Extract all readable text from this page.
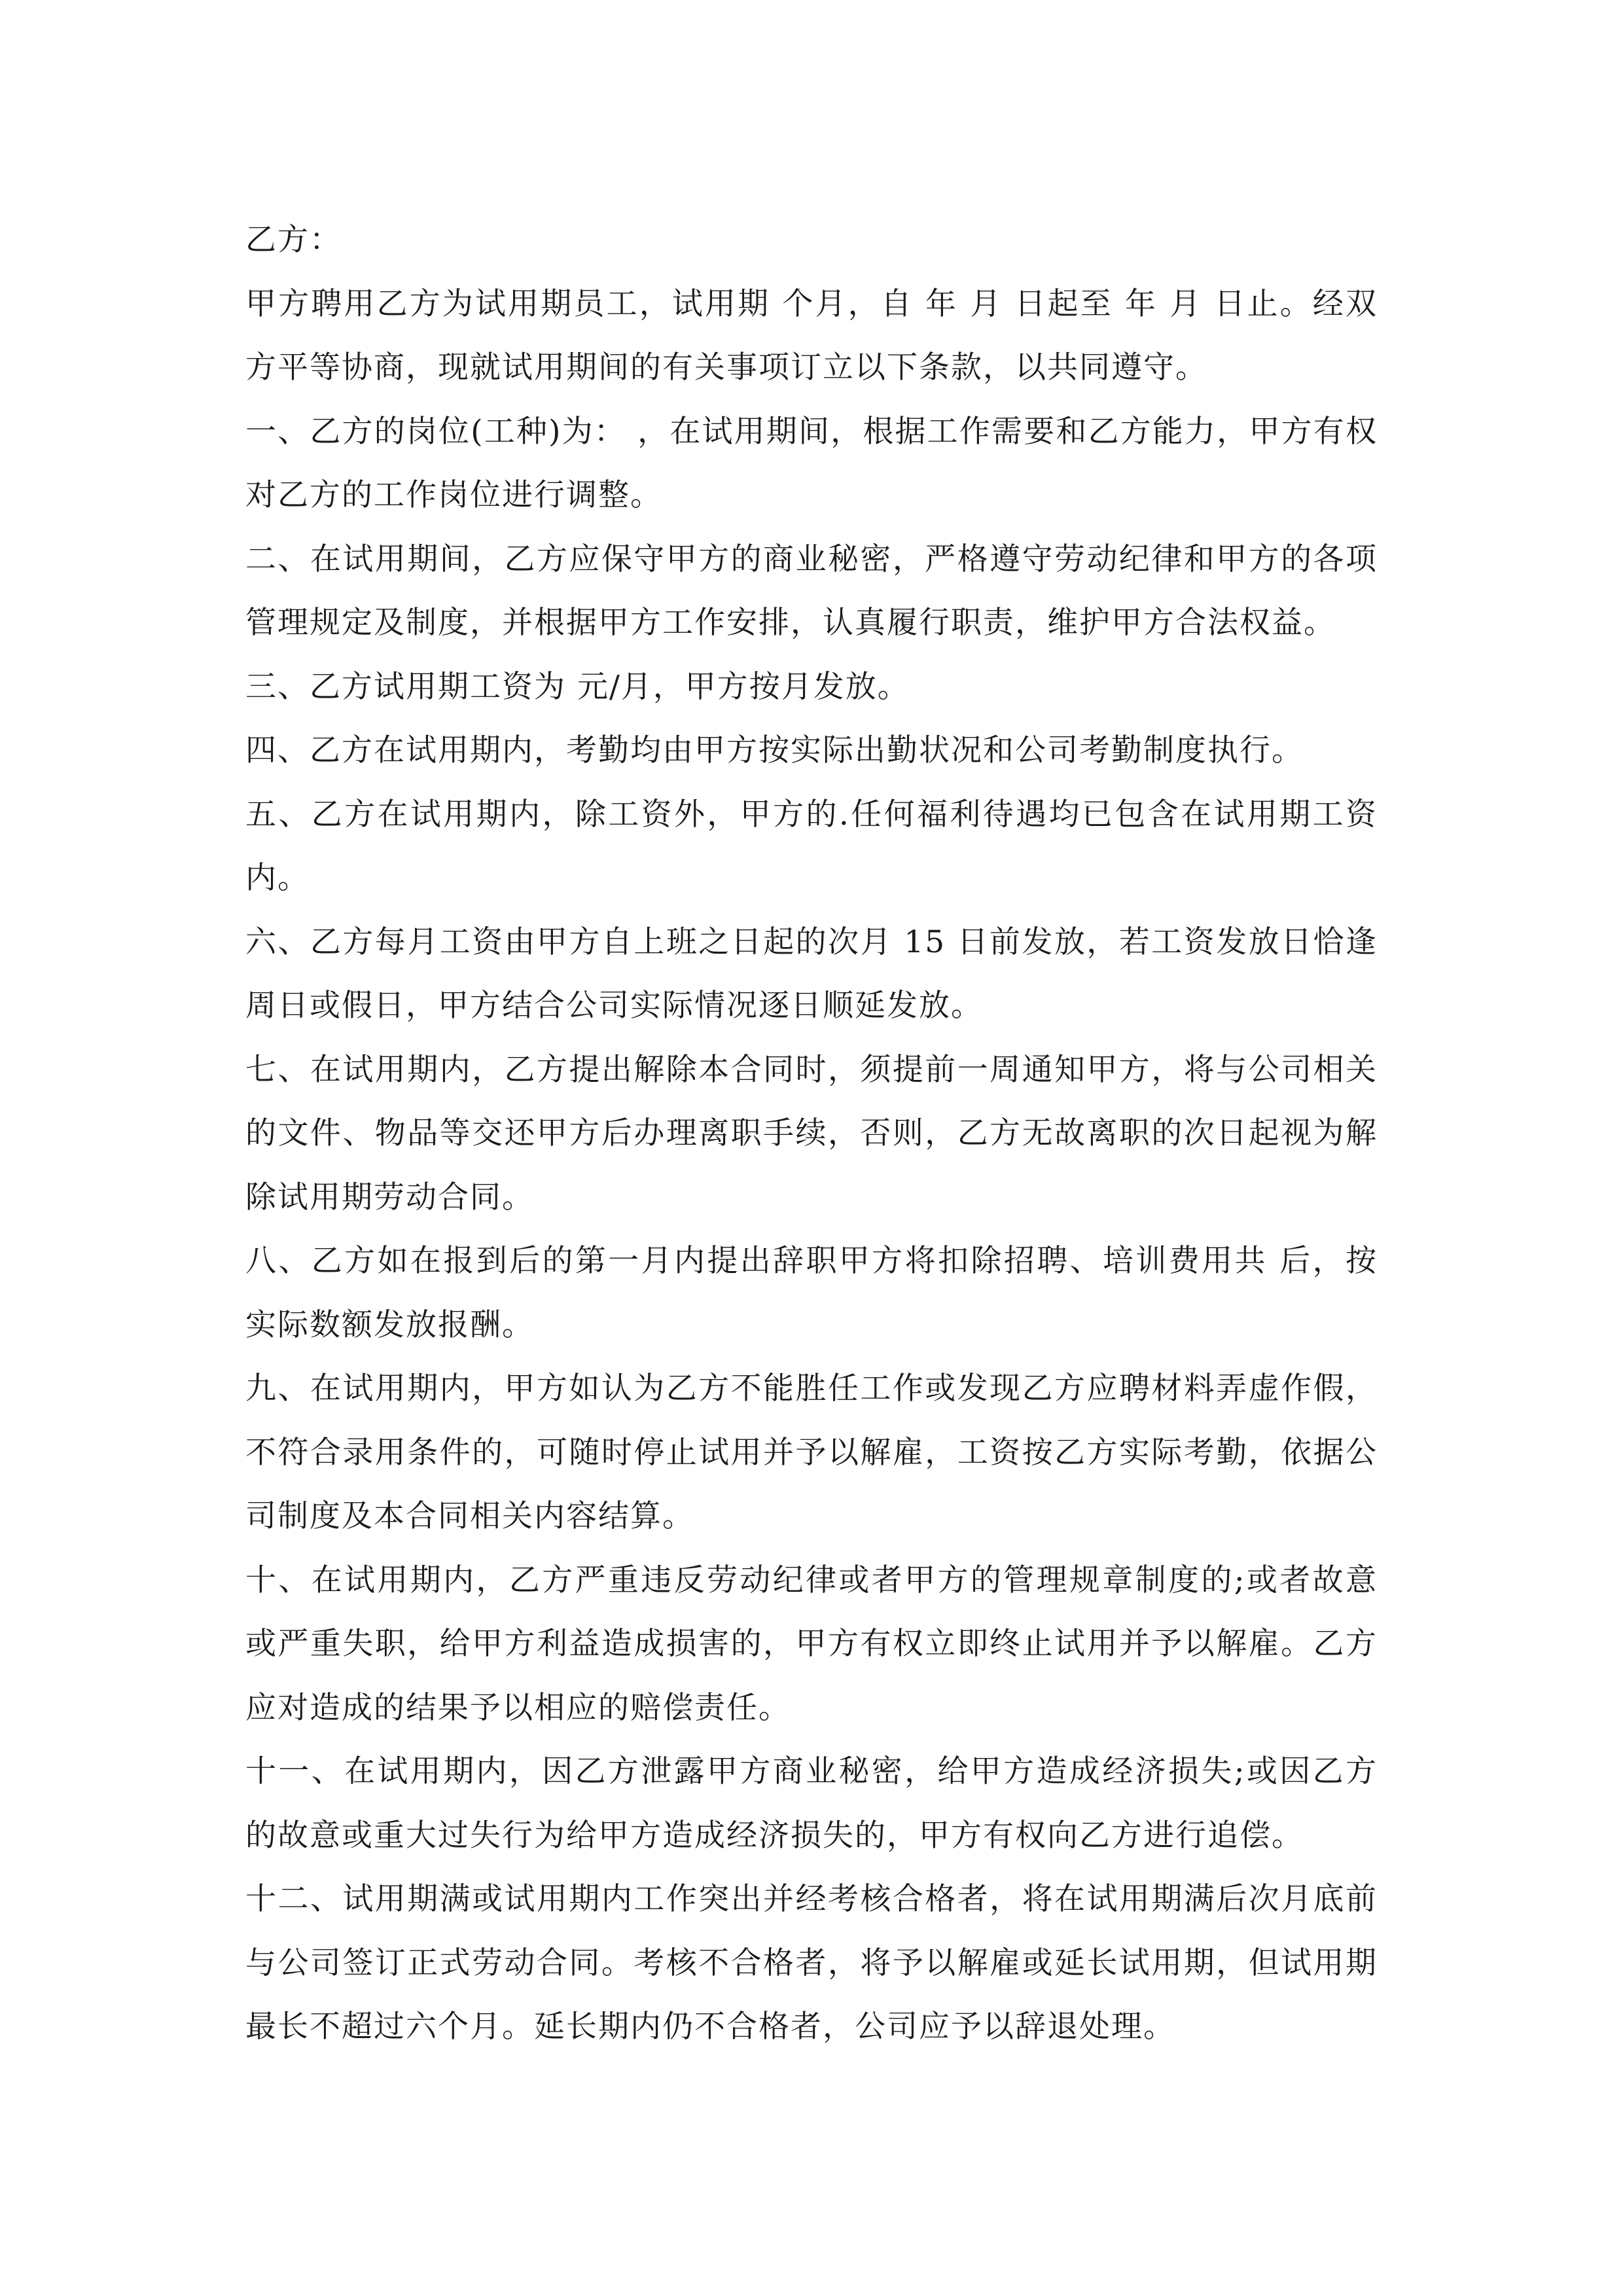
乙方：

甲方聘用乙方为试用期员工，试用期 个月，自 年 月 日起至 年 月 日止。经双方平等协商，现就试用期间的有关事项订立以下条款，以共同遵守。

一、乙方的岗位(工种)为： ，在试用期间，根据工作需要和乙方能力，甲方有权对乙方的工作岗位进行调整。

二、在试用期间，乙方应保守甲方的商业秘密，严格遵守劳动纪律和甲方的各项管理规定及制度，并根据甲方工作安排，认真履行职责，维护甲方合法权益。

三、乙方试用期工资为 元/月，甲方按月发放。

四、乙方在试用期内，考勤均由甲方按实际出勤状况和公司考勤制度执行。

五、乙方在试用期内，除工资外，甲方的.任何福利待遇均已包含在试用期工资内。

六、乙方每月工资由甲方自上班之日起的次月 15 日前发放，若工资发放日恰逢周日或假日，甲方结合公司实际情况逐日顺延发放。

七、在试用期内，乙方提出解除本合同时，须提前一周通知甲方，将与公司相关的文件、物品等交还甲方后办理离职手续，否则，乙方无故离职的次日起视为解除试用期劳动合同。

八、乙方如在报到后的第一月内提出辞职甲方将扣除招聘、培训费用共 后，按实际数额发放报酬。

九、在试用期内，甲方如认为乙方不能胜任工作或发现乙方应聘材料弄虚作假，不符合录用条件的，可随时停止试用并予以解雇，工资按乙方实际考勤，依据公司制度及本合同相关内容结算。

十、在试用期内，乙方严重违反劳动纪律或者甲方的管理规章制度的;或者故意或严重失职，给甲方利益造成损害的，甲方有权立即终止试用并予以解雇。乙方应对造成的结果予以相应的赔偿责任。

十一、在试用期内，因乙方泄露甲方商业秘密，给甲方造成经济损失;或因乙方的故意或重大过失行为给甲方造成经济损失的，甲方有权向乙方进行追偿。

十二、试用期满或试用期内工作突出并经考核合格者，将在试用期满后次月底前与公司签订正式劳动合同。考核不合格者，将予以解雇或延长试用期，但试用期最长不超过六个月。延长期内仍不合格者，公司应予以辞退处理。
